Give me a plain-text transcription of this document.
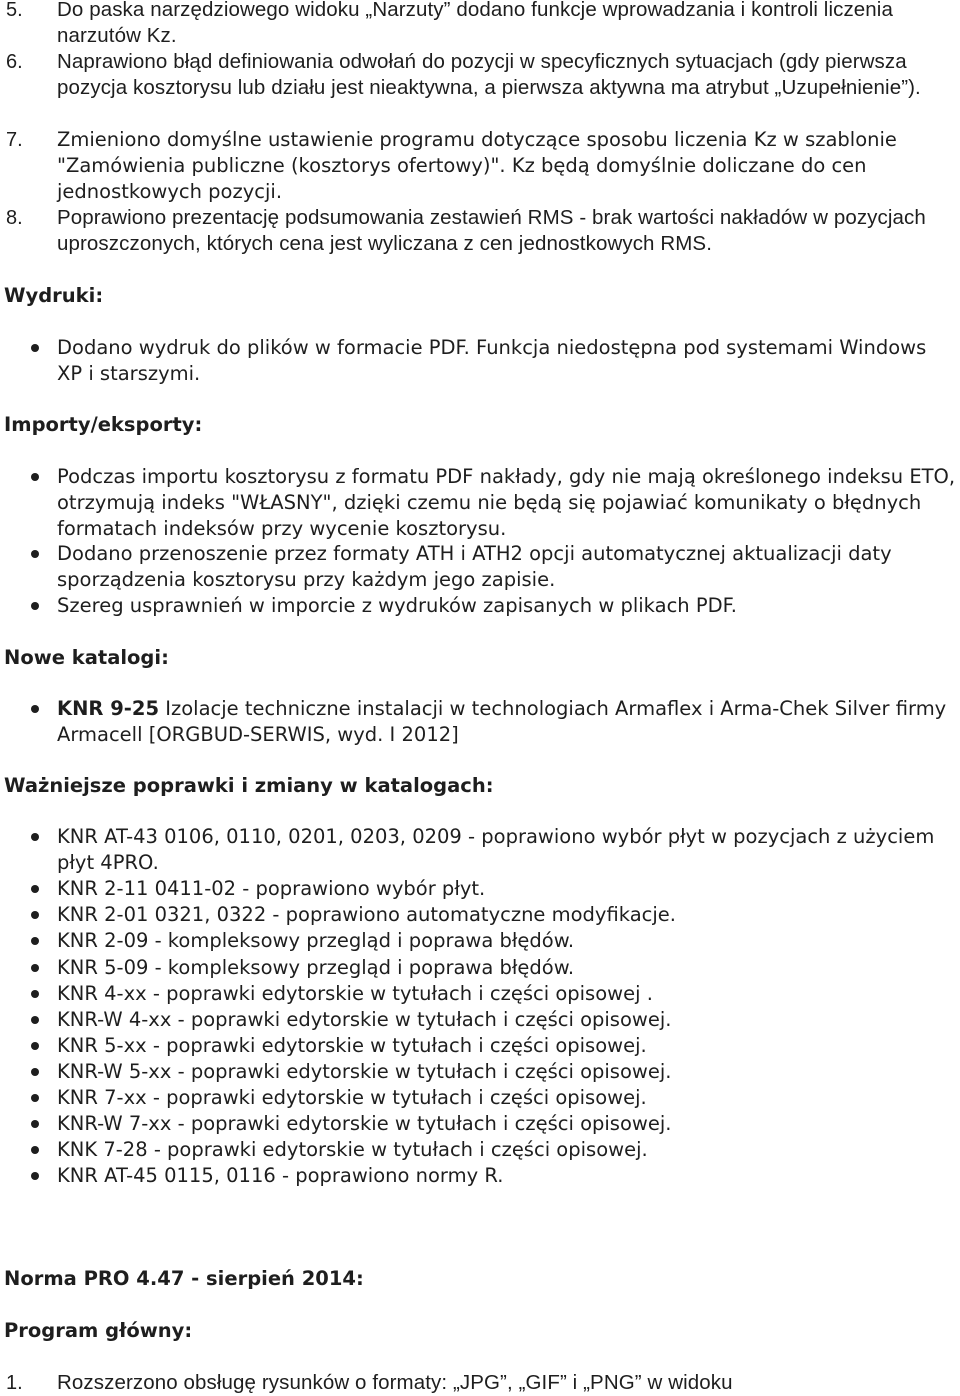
5. Do paska narzędziowego widoku „Narzuty” dodano funkcje wprowadzania i kontroli liczenia narzutów Kz.
6. Naprawiono błąd definiowania odwołań do pozycji w specyficznych sytuacjach (gdy pierwsza pozycja kosztorysu lub działu jest nieaktywna, a pierwsza aktywna ma atrybut „Uzupełnienie”).
7. Zmieniono domyślne ustawienie programu dotyczące sposobu liczenia Kz w szablonie "Zamówienia publiczne (kosztorys ofertowy)". Kz będą domyślnie doliczane do cen jednostkowych pozycji.
8. Poprawiono prezentację podsumowania zestawień RMS - brak wartości nakładów w pozycjach uproszczonych, których cena jest wyliczana z cen jednostkowych RMS.
Wydruki:
Dodano wydruk do plików w formacie PDF. Funkcja niedostępna pod systemami Windows XP i starszymi.
Importy/eksporty:
Podczas importu kosztorysu z formatu PDF nakłady, gdy nie mają określonego indeksu ETO, otrzymują indeks "WŁASNY", dzięki czemu nie będą się pojawiać komunikaty o błędnych formatach indeksów przy wycenie kosztorysu.
Dodano przenoszenie przez formaty ATH i ATH2 opcji automatycznej aktualizacji daty sporządzenia kosztorysu przy każdym jego zapisie.
Szereg usprawnień w imporcie z wydruków zapisanych w plikach PDF.
Nowe katalogi:
KNR 9-25 Izolacje techniczne instalacji w technologiach Armaflex i Arma-Chek Silver firmy Armacell [ORGBUD-SERWIS, wyd. I 2012]
Ważniejsze poprawki i zmiany w katalogach:
KNR AT-43 0106, 0110, 0201, 0203, 0209 - poprawiono wybór płyt w pozycjach z użyciem płyt 4PRO.
KNR 2-11 0411-02 - poprawiono wybór płyt.
KNR 2-01 0321, 0322 - poprawiono automatyczne modyfikacje.
KNR 2-09 - kompleksowy przegląd i poprawa błędów.
KNR 5-09 - kompleksowy przegląd i poprawa błędów.
KNR 4-xx - poprawki edytorskie w tytułach i części opisowej .
KNR-W 4-xx - poprawki edytorskie w tytułach i części opisowej.
KNR 5-xx - poprawki edytorskie w tytułach i części opisowej.
KNR-W 5-xx - poprawki edytorskie w tytułach i części opisowej.
KNR 7-xx - poprawki edytorskie w tytułach i części opisowej.
KNR-W 7-xx - poprawki edytorskie w tytułach i części opisowej.
KNK 7-28 - poprawki edytorskie w tytułach i części opisowej.
KNR AT-45 0115, 0116 - poprawiono normy R.
Norma PRO 4.47 - sierpień 2014:
Program główny:
1. Rozszerzono obsługę rysunków o formaty: „JPG”, „GIF” i „PNG” w widoku
